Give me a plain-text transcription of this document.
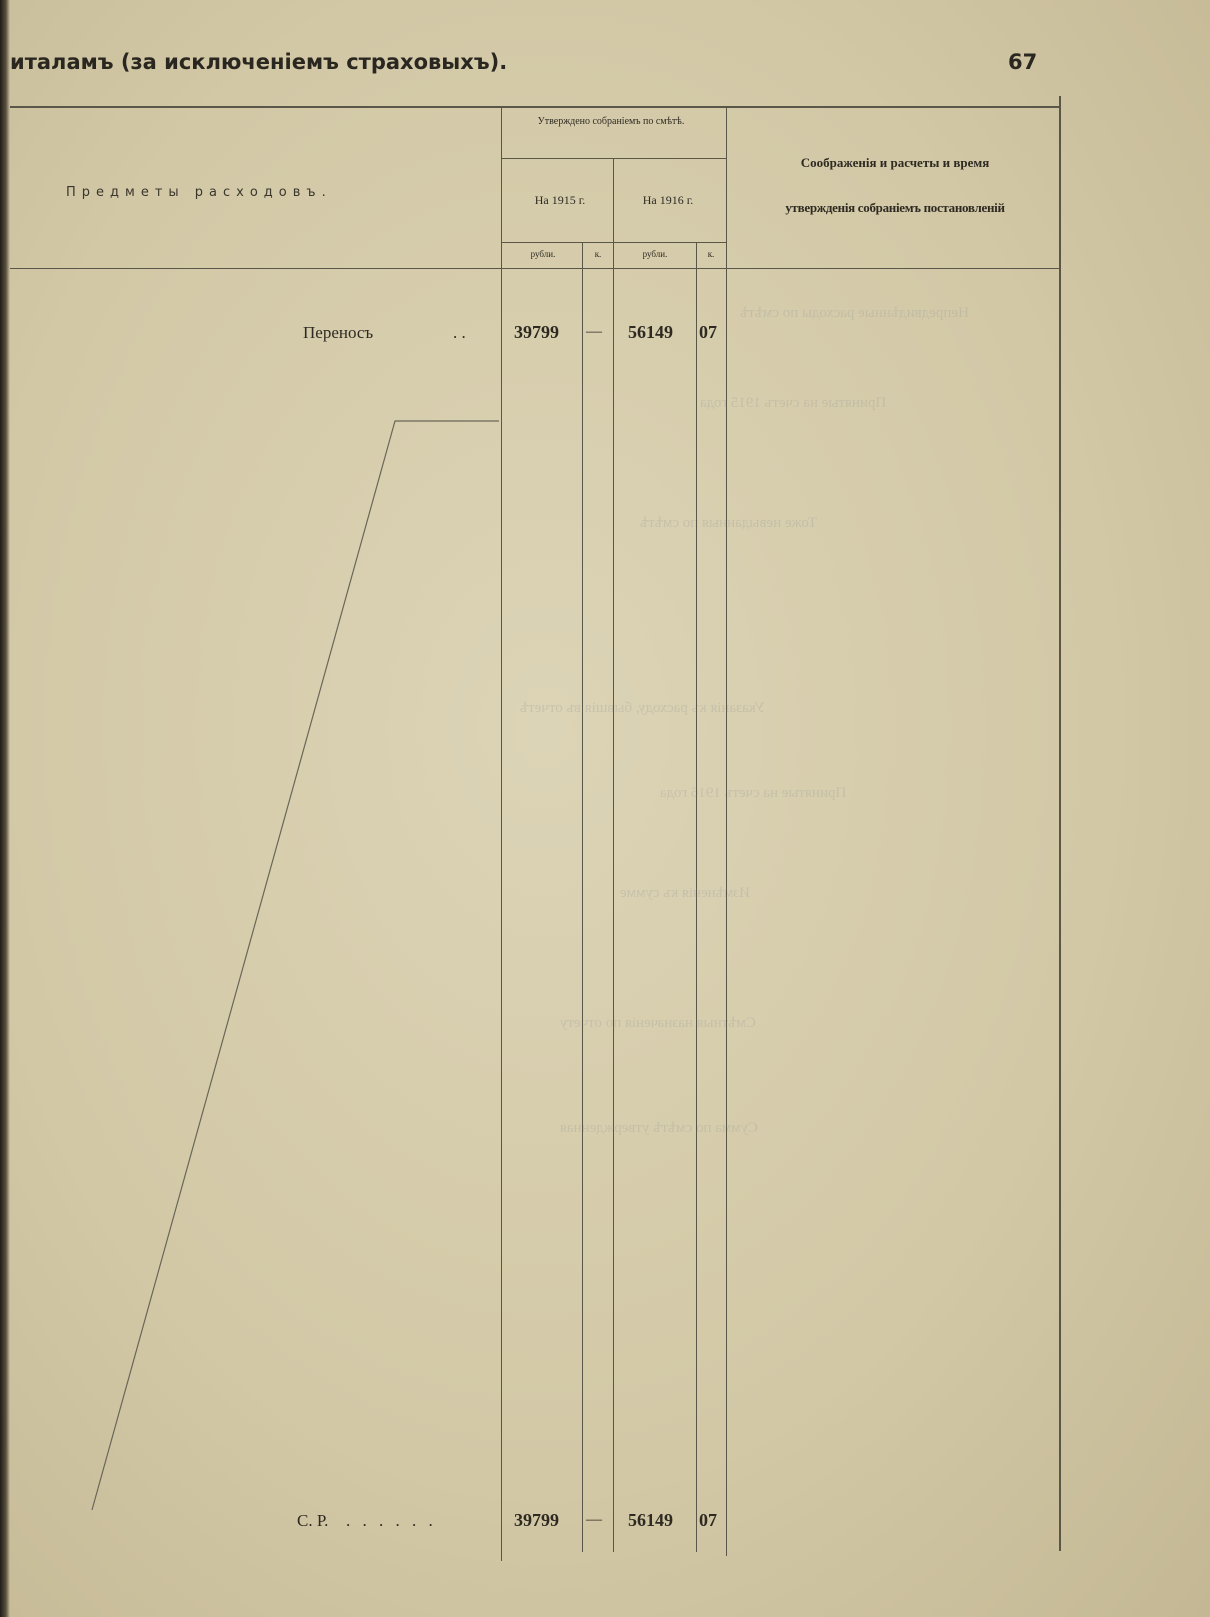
Непредвидѣнные расходы по смѣтѣ
Принятые на счетъ 1915 года
Тоже невыданныя по смѣтѣ
Указанія къ расходу, бывшія въ отчетѣ
Принятые на счетъ 1916 года
Измѣненія къ сумме
Смѣтныя назначенія по отчету
Сумма по смѣтѣ утвержденная
италамъ (за исключеніемъ страховыхъ).	67
Предметы расходовъ.
Утверждено собраніемъ по смѣтѣ.
На 1915 г.	На 1916 г.
рубли.	к.	рубли.	к.
Соображенія и расчеты и время
утвержденія собраніемъ постановленій
Переносъ	. .	39799 — 56149 07
С. Р. . . . . . .	39799 — 56149 07
